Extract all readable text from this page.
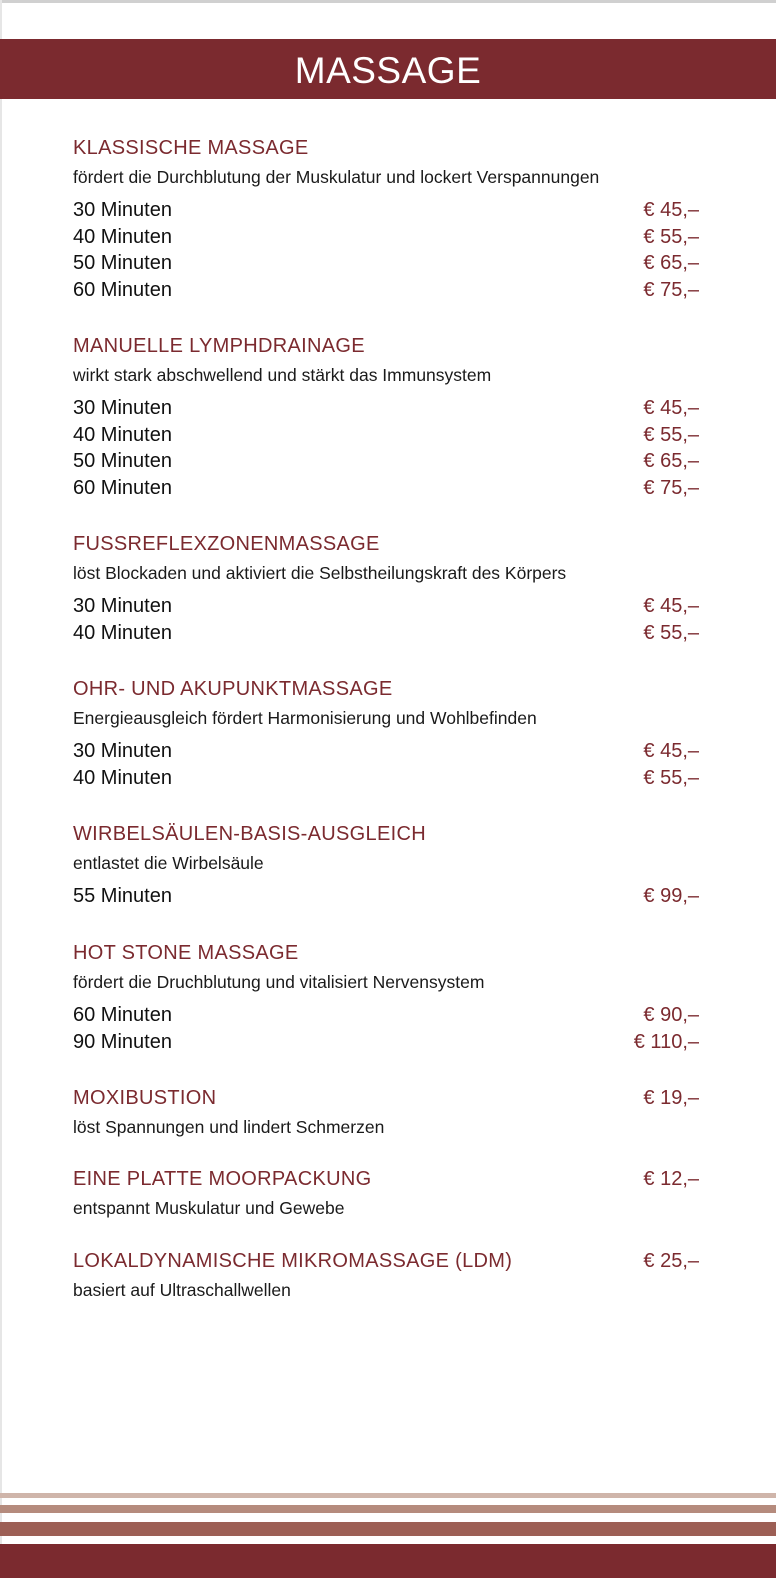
MASSAGE
KLASSISCHE MASSAGE
fördert die Durchblutung der Muskulatur und lockert Verspannungen
30 Minuten	€ 45,–
40 Minuten	€ 55,–
50 Minuten	€ 65,–
60 Minuten	€ 75,–
MANUELLE LYMPHDRAINAGE
wirkt stark abschwellend und stärkt das Immunsystem
30 Minuten	€ 45,–
40 Minuten	€ 55,–
50 Minuten	€ 65,–
60 Minuten	€ 75,–
FUSSREFLEXZONENMASSAGE
löst Blockaden und aktiviert die Selbstheilungskraft des Körpers
30 Minuten	€ 45,–
40 Minuten	€ 55,–
OHR- UND AKUPUNKTMASSAGE
Energieausgleich fördert Harmonisierung und Wohlbefinden
30 Minuten	€ 45,–
40 Minuten	€ 55,–
WIRBELSÄULEN-BASIS-AUSGLEICH
entlastet die Wirbelsäule
55 Minuten	€ 99,–
HOT STONE MASSAGE
fördert die Druchblutung und vitalisiert Nervensystem
60 Minuten	€ 90,–
90 Minuten	€ 110,–
MOXIBUSTION	€ 19,–
löst Spannungen und lindert Schmerzen
EINE PLATTE MOORPACKUNG	€ 12,–
entspannt Muskulatur und Gewebe
LOKALDYNAMISCHE MIKROMASSAGE (LDM)	€ 25,–
basiert auf Ultraschallwellen
